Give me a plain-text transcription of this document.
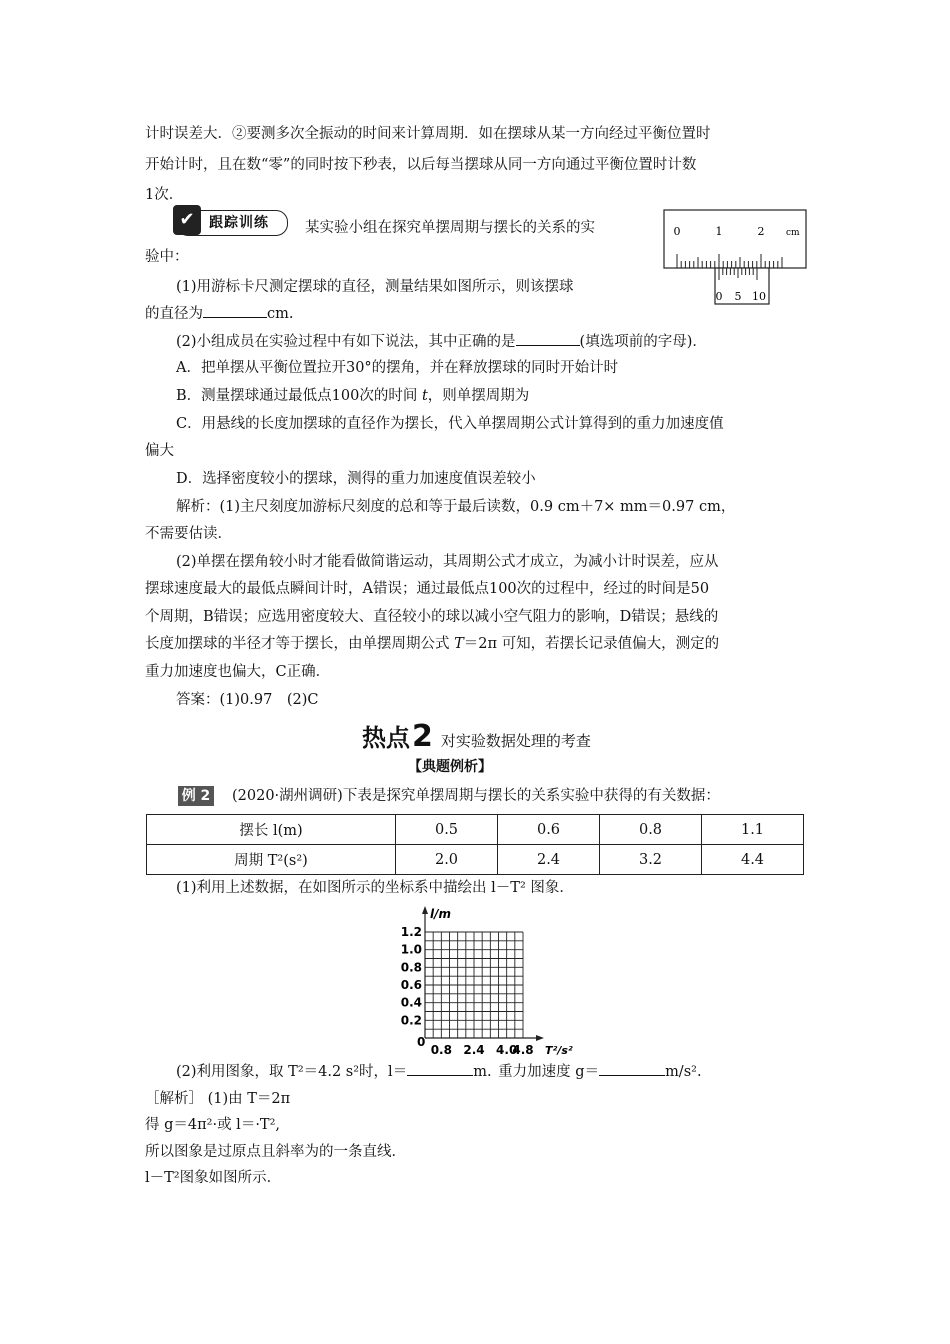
计时误差大．②要测多次全振动的时间来计算周期．如在摆球从某一方向经过平衡位置时
开始计时，且在数“零”的同时按下秒表，以后每当摆球从同一方向通过平衡位置时计数
1次．
✔	跟踪训练 某实验小组在探究单摆周期与摆长的关系的实
验中：
0	1	2 cm
0 5 10
(1)用游标卡尺测定摆球的直径，测量结果如图所示，则该摆球
的直径为	cm.
(2)小组成员在实验过程中有如下说法，其中正确的是	(填选项前的字母)．
A．把单摆从平衡位置拉开30°的摆角，并在释放摆球的同时开始计时
B．测量摆球通过最低点100次的时间 t，则单摆周期为
C．用悬线的长度加摆球的直径作为摆长，代入单摆周期公式计算得到的重力加速度值
偏大
D．选择密度较小的摆球，测得的重力加速度值误差较小
解析：(1)主尺刻度加游标尺刻度的总和等于最后读数，0.9 cm＋7× mm＝0.97 cm，
不需要估读．
(2)单摆在摆角较小时才能看做简谐运动，其周期公式才成立，为减小计时误差，应从
摆球速度最大的最低点瞬间计时，A错误；通过最低点100次的过程中，经过的时间是50
个周期，B错误；应选用密度较大、直径较小的球以减小空气阻力的影响，D错误；悬线的
长度加摆球的半径才等于摆长，由单摆周期公式 T＝2π 可知，若摆长记录值偏大，测定的
重力加速度也偏大，C正确．
答案：(1)0.97　(2)C
热点2 对实验数据处理的考查
【典题例析】
例 2 (2020·湖州调研)下表是探究单摆周期与摆长的关系实验中获得的有关数据：
摆长 l(m)	0.5	0.6	0.8	1.1
周期 T²(s²)	2.0	2.4	3.2	4.4
(1)利用上述数据，在如图所示的坐标系中描绘出 l－T² 图象．
1.2
1.0
0.8
0.6
0.4
0.2
0.8 2.4 4.0
4.8
l/m
T²/s²
0
(2)利用图象，取 T²＝4.2 s²时，l＝	m. 重力加速度 g＝	m/s².
［解析］ (1)由 T＝2π
得 g＝4π²·或 l＝·T²,
所以图象是过原点且斜率为的一条直线．
l－T²图象如图所示．
